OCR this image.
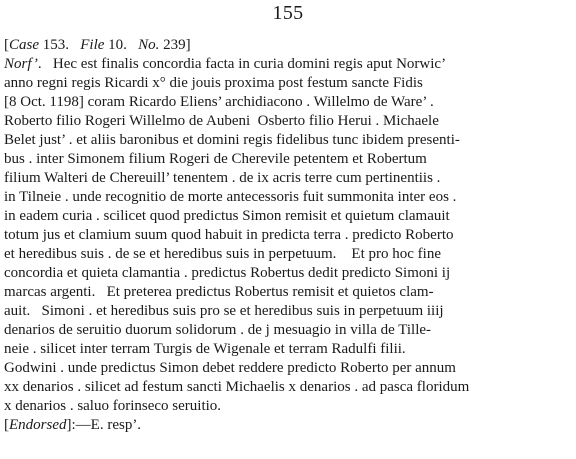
155
[Case 153.   File 10.   No. 239]
Norf’.   Hec est finalis concordia facta in curia domini regis aput Norwic’
anno regni regis Ricardi x° die jouis proxima post festum sancte Fidis
[8 Oct. 1198] coram Ricardo Eliens’ archidiacono . Willelmo de Ware’ .
Roberto filio Rogeri Willelmo de Aubeni  Osberto filio Herui . Michaele
Belet just’ . et aliis baronibus et domini regis fidelibus tunc ibidem presenti-
bus . inter Simonem filium Rogeri de Cherevile petentem et Robertum
filium Walteri de Chereuill’ tenentem . de ix acris terre cum pertinentiis .
in Tilneie . unde recognitio de morte antecessoris fuit summonita inter eos .
in eadem curia . scilicet quod predictus Simon remisit et quietum clamauit
totum jus et clamium suum quod habuit in predicta terra . predicto Roberto
et heredibus suis . de se et heredibus suis in perpetuum.    Et pro hoc fine
concordia et quieta clamantia . predictus Robertus dedit predicto Simoni ij
marcas argenti.   Et preterea predictus Robertus remisit et quietos clam-
auit.   Simoni . et heredibus suis pro se et heredibus suis in perpetuum iiij
denarios de seruitio duorum solidorum . de j mesuagio in villa de Tille-
neie . silicet inter terram Turgis de Wigenale et terram Radulfi filii.
Godwini . unde predictus Simon debet reddere predicto Roberto per annum
xx denarios . silicet ad festum sancti Michaelis x denarios . ad pasca floridum
x denarios . saluo forinseco seruitio.
[Endorsed]:—E. resp’.
